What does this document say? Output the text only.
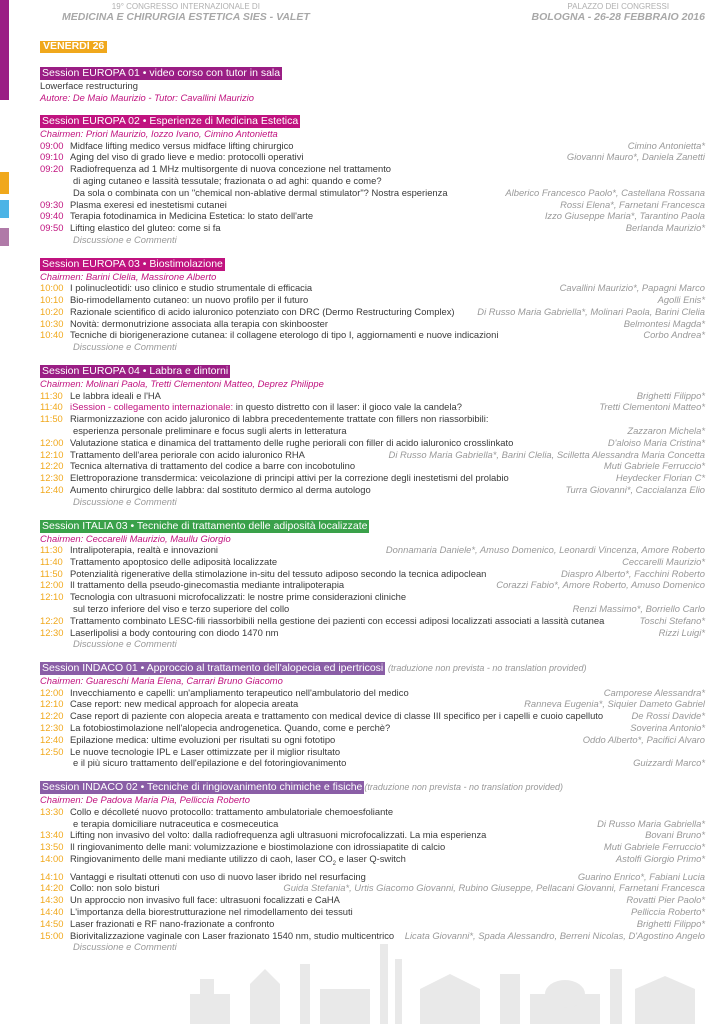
19° CONGRESSO INTERNAZIONALE DI
MEDICINA E CHIRURGIA ESTETICA SIES - VALET
PALAZZO DEI CONGRESSI
BOLOGNA - 26-28 FEBBRAIO 2016
VENERDÌ 26
Session EUROPA 01 • video corso con tutor in sala
Lowerface restructuring
Autore: De Maio Maurizio - Tutor: Cavallini Maurizio
Session EUROPA 02 • Esperienze di Medicina Estetica
Chairmen: Priori Maurizio, Iozzo Ivano, Cimino Antonietta
09:00 Midface lifting medico versus midface lifting chirurgico	Cimino Antonietta*
09:10 Aging del viso di grado lieve e medio: protocolli operativi	Giovanni Mauro*, Daniela Zanetti
09:20 Radiofrequenza ad 1 MHz multisorgente di nuova concezione nel trattamento
di aging cutaneo e lassità tessutale; frazionata o ad aghi: quando e come?
Da sola o combinata con un "chemical non-ablative dermal stimulator"? Nostra esperienza	Alberico Francesco Paolo*, Castellana Rossana
09:30 Plasma exeresi ed inestetismi cutanei	Rossi Elena*, Farnetani Francesca
09:40 Terapia fotodinamica in Medicina Estetica: lo stato dell'arte	Izzo Giuseppe Maria*, Tarantino Paola
09:50 Lifting elastico del gluteo: come si fa	Berlanda Maurizio*
Discussione e Commenti
Session EUROPA 03 • Biostimolazione
Chairmen: Barini Clelia, Massirone Alberto
10:00 I polinucleotidi: uso clinico e studio strumentale di efficacia	Cavallini Maurizio*, Papagni Marco
10:10 Bio-rimodellamento cutaneo: un nuovo profilo per il futuro	Agolli Enis*
10:20 Razionale scientifico di acido ialuronico potenziato con DRC (Dermo Restructuring Complex)	Di Russo Maria Gabriella*, Molinari Paola, Barini Clelia
10:30 Novità: dermonutrizione associata alla terapia con skinbooster	Belmontesi Magda*
10:40 Tecniche di biorigenerazione cutanea: il collagene eterologo di tipo I, aggiornamenti e nuove indicazioni	Corbo Andrea*
Discussione e Commenti
Session EUROPA 04 • Labbra e dintorni
Chairmen: Molinari Paola, Tretti Clementoni Matteo, Deprez Philippe
11:30 Le labbra ideali e l'HA	Brighetti Filippo*
11:40 iSession - collegamento internazionale: in questo distretto con il laser: il gioco vale la candela?	Tretti Clementoni Matteo*
11:50 Riarmonizzazione con acido jaluronico di labbra precedentemente trattate con fillers non riassorbibili:
esperienza personale preliminare e focus sugli alerts in letteratura	Zazzaron Michela*
12:00 Valutazione statica e dinamica del trattamento delle rughe periorali con filler di acido ialuronico crosslinkato	D'aloiso Maria Cristina*
12:10 Trattamento dell'area periorale con acido ialuronico RHA	Di Russo Maria Gabriella*, Barini Clelia, Scilletta Alessandra Maria Concetta
12:20 Tecnica alternativa di trattamento del codice a barre con incobotulino	Muti Gabriele Ferruccio*
12:30 Elettroporazione transdermica: veicolazione di principi attivi per la correzione degli inestetismi del prolabio	Heydecker Florian C*
12:40 Aumento chirurgico delle labbra: dal sostituto dermico al derma autologo	Turra Giovanni*, Caccialanza Elio
Discussione e Commenti
Session ITALIA 03 • Tecniche di trattamento delle adiposità localizzate
Chairmen: Ceccarelli Maurizio, Maullu Giorgio
11:30 Intralipoterapia, realtà e innovazioni	Donnamaria Daniele*, Amuso Domenico, Leonardi Vincenza, Amore Roberto
11:40 Trattamento apoptosico delle adiposità localizzate	Ceccarelli Maurizio*
11:50 Potenzialità rigenerative della stimolazione in-situ del tessuto adiposo secondo la tecnica adipoclean	Diaspro Alberto*, Facchini Roberto
12:00 Il trattamento della pseudo-ginecomastia mediante intralipoterapia	Corazzi Fabio*, Amore Roberto, Amuso Domenico
12:10 Tecnologia con ultrasuoni microfocalizzati: le nostre prime considerazioni cliniche
sul terzo inferiore del viso e terzo superiore del collo	Renzi Massimo*, Borriello Carlo
12:20 Trattamento combinato LESC-fili riassorbibili nella gestione dei pazienti con eccessi adiposi localizzati associati a lassità cutanea	Toschi Stefano*
12:30 Laserlipolisi a body contouring con diodo 1470 nm	Rizzi Luigi*
Discussione e Commenti
Session INDACO 01 • Approccio al trattamento dell'alopecia ed ipertricosi (traduzione non prevista - no translation provided)
Chairmen: Guareschi Maria Elena, Carrari Bruno Giacomo
12:00 Invecchiamento e capelli: un'ampliamento terapeutico nell'ambulatorio del medico	Camporese Alessandra*
12:10 Case report: new medical approach for alopecia areata	Ranneva Eugenia*, Siquier Dameto Gabriel
12:20 Case report di paziente con alopecia areata e trattamento con medical device di classe III specifico per i capelli e cuoio capelluto	De Rossi Davide*
12:30 La fotobiostimolazione nell'alopecia androgenetica. Quando, come e perchè?	Soverina Antonio*
12:40 Epilazione medica: ultime evoluzioni per risultati su ogni fototipo	Oddo Alberto*, Pacifici Alvaro
12:50 Le nuove tecnologie IPL e Laser ottimizzate per il miglior risultato
e il più sicuro trattamento dell'epilazione e del fotoringiovanimento	Guizzardi Marco*
Session INDACO 02 • Tecniche di ringiovanimento chimiche e fisiche (traduzione non prevista - no translation provided)
Chairmen: De Padova Maria Pia, Pellicciа Roberto
13:30 Collo e décolleté nuovo protocollo: trattamento ambulatoriale chemoesfoliante
e terapia domiciliare nutraceutica e cosmeceutica	Di Russo Maria Gabriella*
13:40 Lifting non invasivo del volto: dalla radiofrequenza agli ultrasuoni microfocalizzati. La mia esperienza	Bovani Bruno*
13:50 Il ringiovanimento delle mani: volumizzazione e biostimolazione con idrossiapatite di calcio	Muti Gabriele Ferruccio*
14:00 Ringiovanimento delle mani mediante utilizzo di caoh, laser $CO_2$ e laser Q-switch	Astolfi Giorgio Primo*
14:10 Vantaggi e risultati ottenuti con uso di nuovo laser ibrido nel resurfacing	Guarino Enrico*, Fabiani Lucia
14:20 Collo: non solo bisturi	Guida Stefania*, Urtis Giacomo Giovanni, Rubino Giuseppe, Pellacani Giovanni, Farnetani Francesca
14:30 Un approccio non invasivo full face: ultrasuoni focalizzati e CaHA	Rovatti Pier Paolo*
14:40 L'importanza della biorestrutturazione nel rimodellamento dei tessuti	Pelliccia Roberto*
14:50 Laser frazionati e RF nano-frazionate a confronto	Brighetti Filippo*
15:00 Biorivitalizzazione vaginale con Laser frazionato 1540 nm, studio multicentrico	Licata Giovanni*, Spada Alessandro, Berreni Nicolas, D'Agostino Angelo
Discussione e Commenti
